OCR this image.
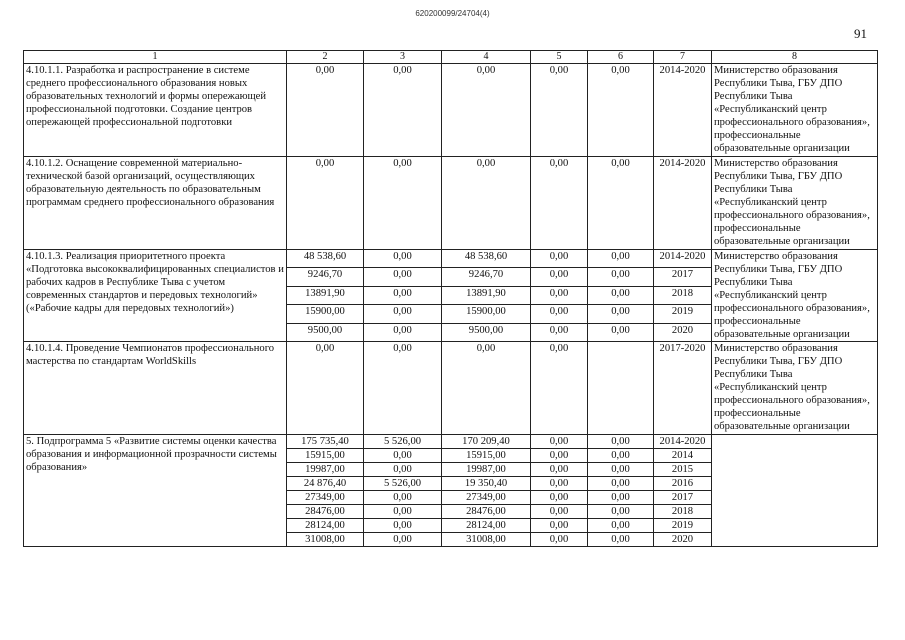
620200099/24704(4)
91
1	2	3	4	5	6	7	8
4.10.1.1. Разработка и распространение в системе среднего профессионального образования новых образовательных технологий и формы опережающей профессиональной подготовки. Создание центров опережающей профессиональной подготовки	0,00	0,00	0,00	0,00	0,00	2014-2020	Министерство образования Республики Тыва, ГБУ ДПО Республики Тыва «Республиканский центр профессионального образования», профессиональные образовательные организации
4.10.1.2. Оснащение современной материально-технической базой организаций, осуществляющих образовательную деятельность по образовательным программам среднего профессионального образования	0,00	0,00	0,00	0,00	0,00	2014-2020	Министерство образования Республики Тыва, ГБУ ДПО Республики Тыва «Республиканский центр профессионального образования», профессиональные образовательные организации
4.10.1.3. Реализация приоритетного проекта «Подготовка высококвалифицированных специалистов и рабочих кадров в Республике Тыва с учетом современных стандартов и передовых технологий» («Рабочие кадры для передовых технологий»)	48 538,60	0,00	48 538,60	0,00	0,00	2014-2020	Министерство образования Республики Тыва, ГБУ ДПО Республики Тыва «Республиканский центр профессионального образования», профессиональные образовательные организации
	9246,70	0,00	9246,70	0,00	0,00	2017	
	13891,90	0,00	13891,90	0,00	0,00	2018	
	15900,00	0,00	15900,00	0,00	0,00	2019	
	9500,00	0,00	9500,00	0,00	0,00	2020	
4.10.1.4. Проведение Чемпионатов профессионального мастерства по стандартам WorldSkills	0,00	0,00	0,00	0,00		2017-2020	Министерство образования Республики Тыва, ГБУ ДПО Республики Тыва «Республиканский центр профессионального образования», профессиональные образовательные организации
5. Подпрограмма 5 «Развитие системы оценки качества образования и информационной прозрачности системы образования»	175 735,40	5 526,00	170 209,40	0,00	0,00	2014-2020	
	15915,00	0,00	15915,00	0,00	0,00	2014	
	19987,00	0,00	19987,00	0,00	0,00	2015	
	24 876,40	5 526,00	19 350,40	0,00	0,00	2016	
	27349,00	0,00	27349,00	0,00	0,00	2017	
	28476,00	0,00	28476,00	0,00	0,00	2018	
	28124,00	0,00	28124,00	0,00	0,00	2019	
	31008,00	0,00	31008,00	0,00	0,00	2020	
